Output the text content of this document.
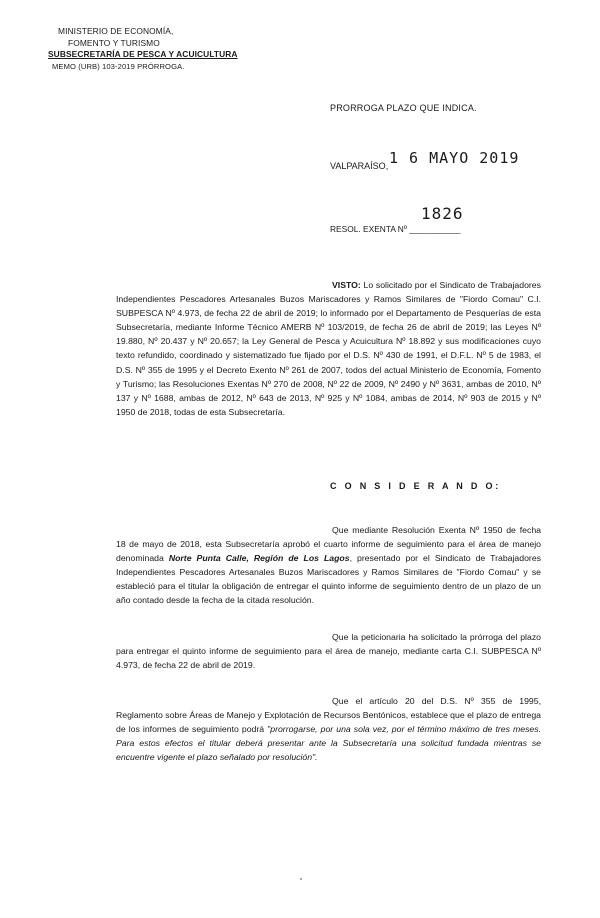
MINISTERIO DE ECONOMÍA,
FOMENTO Y TURISMO
SUBSECRETARÍA DE PESCA Y ACUICULTURA
MEMO (URB) 103-2019 PRÓRROGA.
PRORROGA PLAZO QUE INDICA.
VALPARAÍSO, 1 6 MAYO 2019
1826
RESOL. EXENTA Nº ___________
VISTO: Lo solicitado por el Sindicato de Trabajadores Independientes Pescadores Artesanales Buzos Mariscadores y Ramos Similares de "Fiordo Comau" C.I. SUBPESCA Nº 4.973, de fecha 22 de abril de 2019; lo informado por el Departamento de Pesquerías de esta Subsecretaría, mediante Informe Técnico AMERB Nº 103/2019, de fecha 26 de abril de 2019; las Leyes Nº 19.880, Nº 20.437 y Nº 20.657; la Ley General de Pesca y Acuicultura Nº 18.892 y sus modificaciones cuyo texto refundido, coordinado y sistematizado fue fijado por el D.S. Nº 430 de 1991, el D.F.L. Nº 5 de 1983, el D.S. Nº 355 de 1995 y el Decreto Exento Nº 261 de 2007, todos del actual Ministerio de Economía, Fomento y Turismo; las Resoluciones Exentas Nº 270 de 2008, Nº 22 de 2009, Nº 2490 y Nº 3631, ambas de 2010, Nº 137 y Nº 1688, ambas de 2012, Nº 643 de 2013, Nº 925 y Nº 1084, ambas de 2014, Nº 903 de 2015 y Nº 1950 de 2018, todas de esta Subsecretaría.
C O N S I D E R A N D O:
Que mediante Resolución Exenta Nº 1950 de fecha 18 de mayo de 2018, esta Subsecretaría aprobó el cuarto informe de seguimiento para el área de manejo denominada Norte Punta Calle, Región de Los Lagos, presentado por el Sindicato de Trabajadores Independientes Pescadores Artesanales Buzos Mariscadores y Ramos Similares de "Fiordo Comau" y se estableció para el titular la obligación de entregar el quinto informe de seguimiento dentro de un plazo de un año contado desde la fecha de la citada resolución.
Que la peticionaria ha solicitado la prórroga del plazo para entregar el quinto informe de seguimiento para el área de manejo, mediante carta C.I. SUBPESCA Nº 4.973, de fecha 22 de abril de 2019.
Que el artículo 20 del D.S. Nº 355 de 1995, Reglamento sobre Áreas de Manejo y Explotación de Recursos Bentónicos, establece que el plazo de entrega de los informes de seguimiento podrá "prorrogarse, por una sola vez, por el término máximo de tres meses. Para estos efectos el titular deberá presentar ante la Subsecretaría una solicitud fundada mientras se encuentre vigente el plazo señalado por resolución".
